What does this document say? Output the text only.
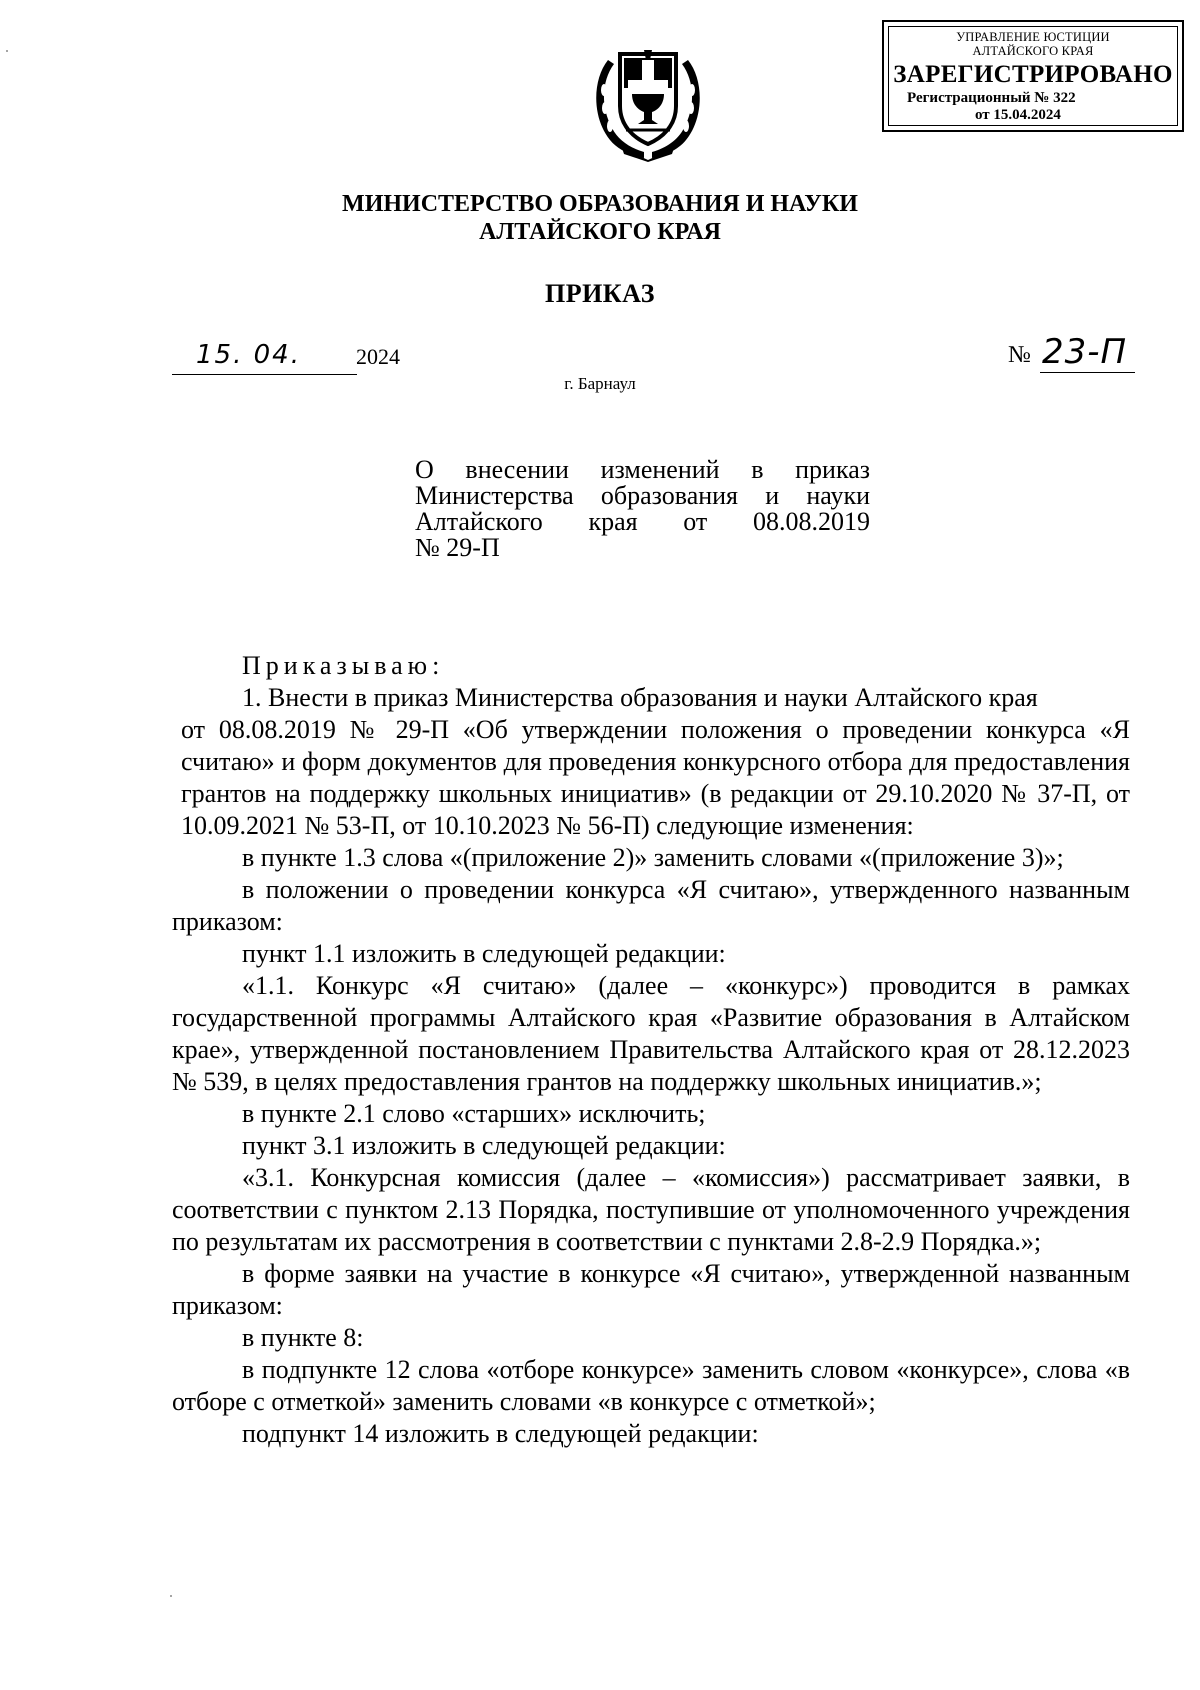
УПРАВЛЕНИЕ ЮСТИЦИИ
АЛТАЙСКОГО КРАЯ
ЗАРЕГИСТРИРОВАНО
Регистрационный № 322
от 15.04.2024
МИНИСТЕРСТВО ОБРАЗОВАНИЯ И НАУКИ
АЛТАЙСКОГО КРАЯ
ПРИКАЗ
15. 04.	2024	№ 23-П
г. Барнаул
О внесении изменений в приказ
Министерства образования и науки
Алтайского края от 08.08.2019
№ 29-П

Приказываю:

1. Внести в приказ Министерства образования и науки Алтайского края

от 08.08.2019 № 29-П «Об утверждении положения о проведении конкурса «Я считаю» и форм документов для проведения конкурсного отбора для предоставления грантов на поддержку школьных инициатив» (в редакции от 29.10.2020 № 37-П, от 10.09.2021 № 53-П, от 10.10.2023 № 56-П) следующие изменения:

в пункте 1.3 слова «(приложение 2)» заменить словами «(приложение 3)»;

в положении о проведении конкурса «Я считаю», утвержденного названным приказом:

пункт 1.1 изложить в следующей редакции:

«1.1. Конкурс «Я считаю» (далее – «конкурс») проводится в рамках государственной программы Алтайского края «Развитие образования в Алтайском крае», утвержденной постановлением Правительства Алтайского края от 28.12.2023 № 539, в целях предоставления грантов на поддержку школьных инициатив.»;

в пункте 2.1 слово «старших» исключить;

пункт 3.1 изложить в следующей редакции:

«3.1. Конкурсная комиссия (далее – «комиссия») рассматривает заявки, в соответствии с пунктом 2.13 Порядка, поступившие от уполномоченного учреждения по результатам их рассмотрения в соответствии с пунктами 2.8-2.9 Порядка.»;

в форме заявки на участие в конкурсе «Я считаю», утвержденной названным приказом:

в пункте 8:

в подпункте 12 слова «отборе конкурсе» заменить словом «конкурсе», слова «в отборе с отметкой» заменить словами «в конкурсе с отметкой»;

подпункт 14 изложить в следующей редакции:
